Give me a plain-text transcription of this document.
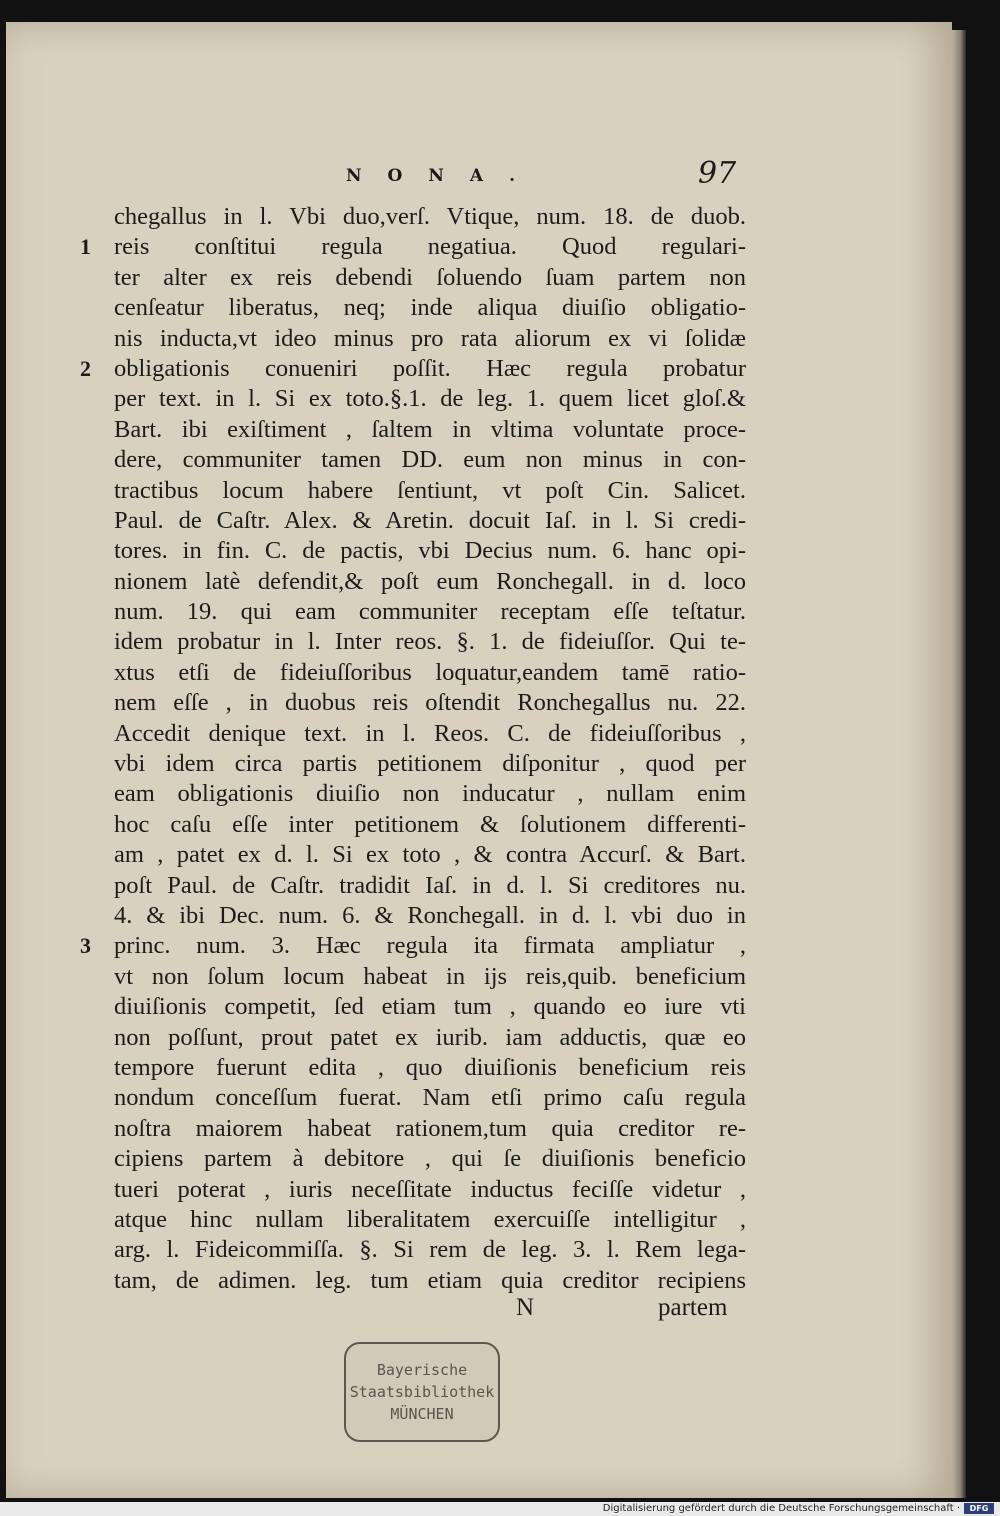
NONA.	97
chegallus in l. Vbi duo,verſ. Vtique, num. 18. de duob.
1 reis conſtitui regula negatiua. Quod regulari-
ter alter ex reis debendi ſoluendo ſuam partem non
cenſeatur liberatus, neq; inde aliqua diuiſio obligatio-
nis inducta,vt ideo minus pro rata aliorum ex vi ſolidæ
2 obligationis conueniri poſſit. Hæc regula probatur
per text. in l. Si ex toto.§.1. de leg. 1. quem licet gloſ.&
Bart. ibi exiſtiment , ſaltem in vltima voluntate proce-
dere, communiter tamen DD. eum non minus in con-
tractibus locum habere ſentiunt, vt poſt Cin. Salicet.
Paul. de Caſtr. Alex. & Aretin. docuit Iaſ. in l. Si credi-
tores. in fin. C. de pactis, vbi Decius num. 6. hanc opi-
nionem latè defendit,& poſt eum Ronchegall. in d. loco
num. 19. qui eam communiter receptam eſſe teſtatur.
idem probatur in l. Inter reos. §. 1. de fideiuſſor. Qui te-
xtus etſi de fideiuſſoribus loquatur,eandem tamē ratio-
nem eſſe , in duobus reis oſtendit Ronchegallus nu. 22.
Accedit denique text. in l. Reos. C. de fideiuſſoribus ,
vbi idem circa partis petitionem diſponitur , quod per
eam obligationis diuiſio non inducatur , nullam enim
hoc caſu eſſe inter petitionem & ſolutionem differenti-
am , patet ex d. l. Si ex toto , & contra Accurſ. & Bart.
poſt Paul. de Caſtr. tradidit Iaſ. in d. l. Si creditores nu.
4. & ibi Dec. num. 6. & Ronchegall. in d. l. vbi duo in
3 princ. num. 3. Hæc regula ita firmata ampliatur ,
vt non ſolum locum habeat in ijs reis,quib. beneficium
diuiſionis competit, ſed etiam tum , quando eo iure vti
non poſſunt, prout patet ex iurib. iam adductis, quæ eo
tempore fuerunt edita , quo diuiſionis beneficium reis
nondum conceſſum fuerat. Nam etſi primo caſu regula
noſtra maiorem habeat rationem,tum quia creditor re-
cipiens partem à debitore , qui ſe diuiſionis beneficio
tueri poterat , iuris neceſſitate inductus feciſſe videtur ,
atque hinc nullam liberalitatem exercuiſſe intelligitur ,
arg. l. Fideicommiſſa. §. Si rem de leg. 3. l. Rem lega-
tam, de adimen. leg. tum etiam quia creditor recipiens
N	partem
Bayerische
Staatsbibliothek
MÜNCHEN
Digitalisierung gefördert durch die Deutsche Forschungsgemeinschaft ·	DFG
